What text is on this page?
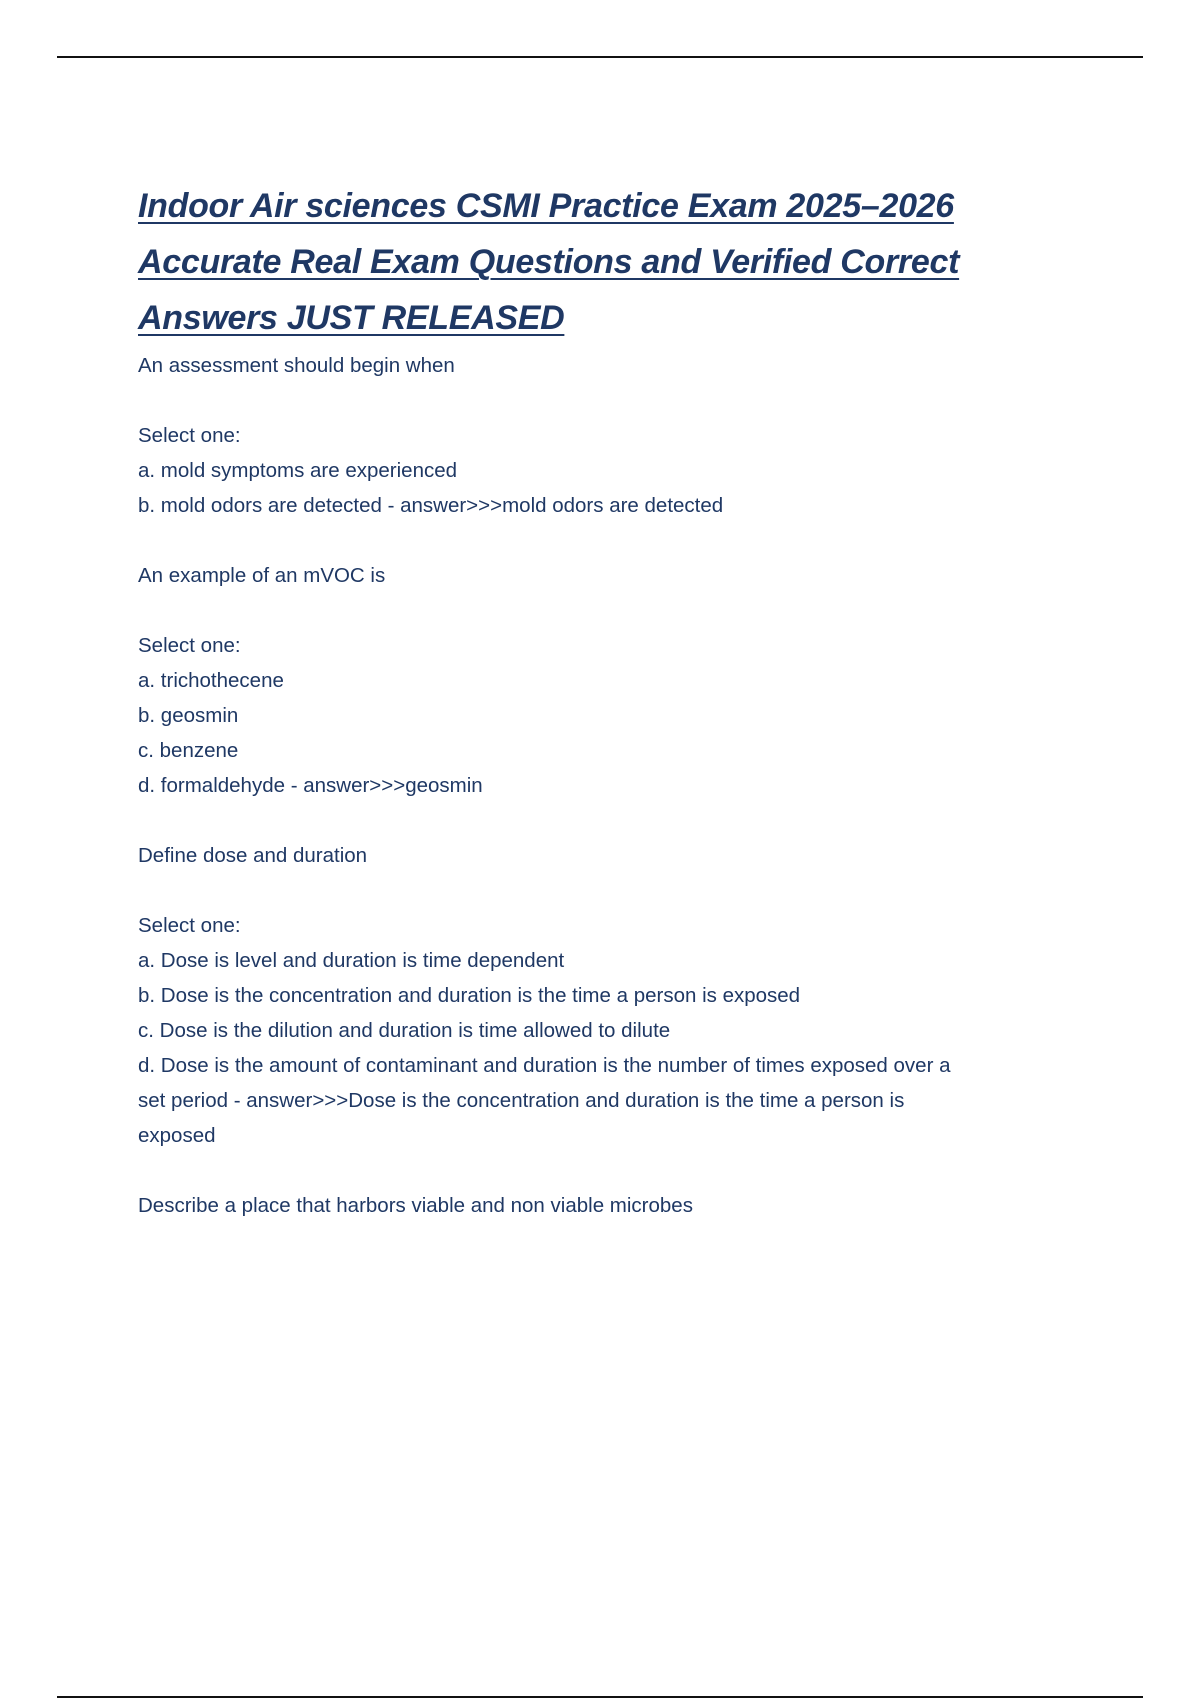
Indoor Air sciences CSMI Practice Exam 2025–2026
Accurate Real Exam Questions and Verified Correct
Answers JUST RELEASED
An assessment should begin when
Select one:
a. mold symptoms are experienced
b. mold odors are detected - answer>>>mold odors are detected
An example of an mVOC is
Select one:
a. trichothecene
b. geosmin
c. benzene
d. formaldehyde - answer>>>geosmin
Define dose and duration
Select one:
a. Dose is level and duration is time dependent
b. Dose is the concentration and duration is the time a person is exposed
c. Dose is the dilution and duration is time allowed to dilute
d. Dose is the amount of contaminant and duration is the number of times exposed over a
set period - answer>>>Dose is the concentration and duration is the time a person is
exposed
Describe a place that harbors viable and non viable microbes
